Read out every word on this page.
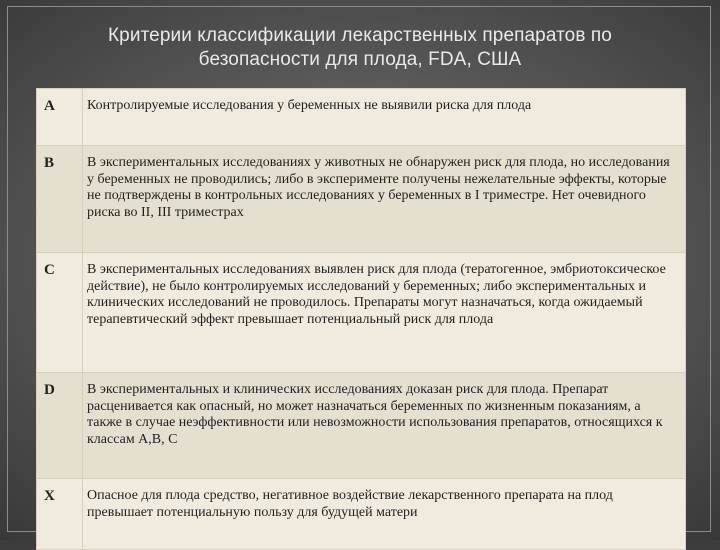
Критерии классификации лекарственных препаратов по
безопасности для плода, FDA, США
A	Контролируемые исследования у беременных не выявили риска для плода
B	В экспериментальных исследованиях у животных не обнаружен риск для плода, но исследования у беременных не проводились; либо в эксперименте получены нежелательные эффекты, которые не подтверждены в контрольных исследованиях у беременных в I триместре. Нет очевидного риска во II, III триместрах
C	В экспериментальных исследованиях выявлен риск для плода (тератогенное, эмбриотоксическое действие), не было контролируемых исследований у беременных; либо экспериментальных и клинических исследований не проводилось. Препараты могут назначаться, когда ожидаемый терапевтический эффект превышает потенциальный риск для плода
D	В экспериментальных и клинических исследованиях доказан риск для плода. Препарат расценивается как опасный, но может назначаться беременных по жизненным показаниям, а также в случае неэффективности или невозможности использования препаратов, относящихся к классам A,B, C
X	Опасное для плода средство, негативное воздействие лекарственного препарата на плод превышает потенциальную пользу для будущей матери
